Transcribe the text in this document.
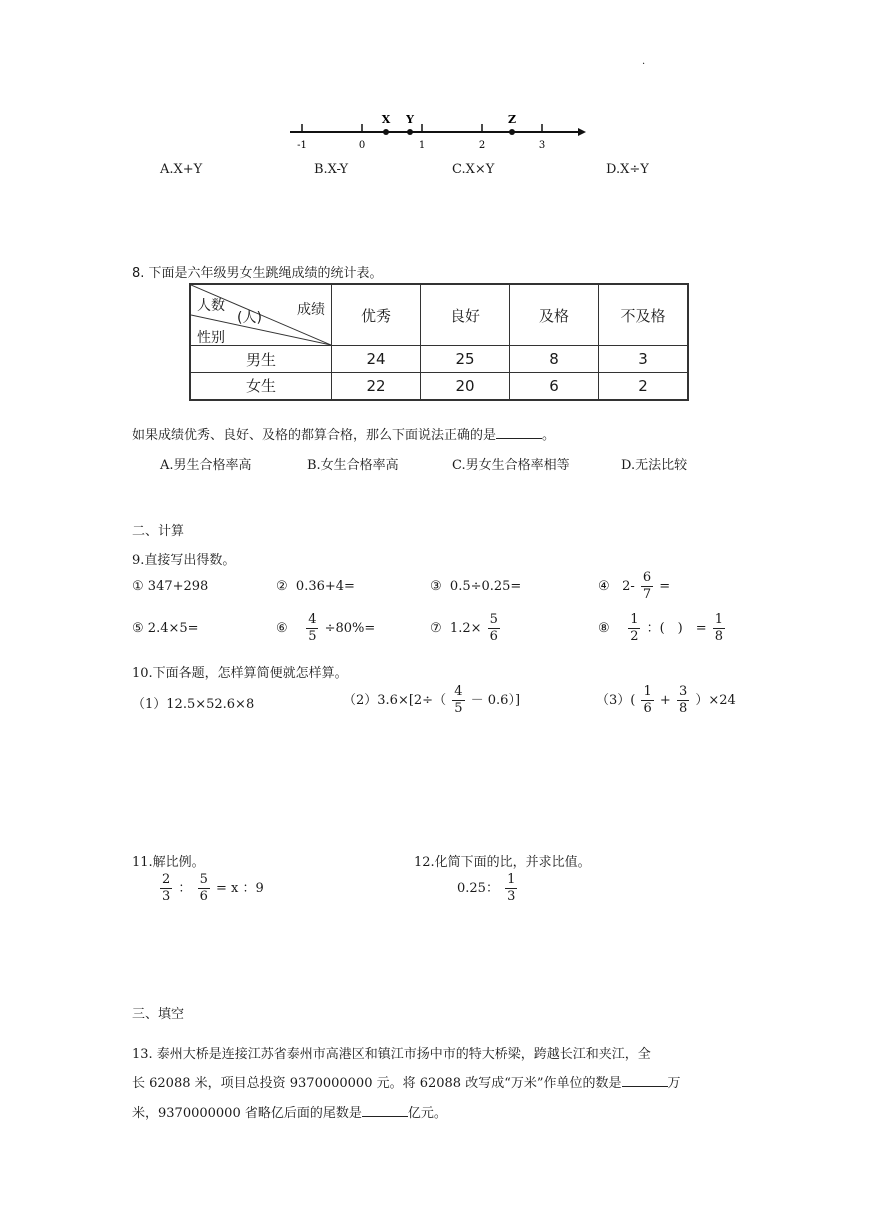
.
-1	0	1	2	3
X Y	Z
A.X+Y	B.X-Y	C.X×Y	D.X÷Y
8. 下面是六年级男女生跳绳成绩的统计表。
人数 成绩
(人)
性别	优秀	良好	及格	不及格
男生	24	25	8	3
女生	22	20	6	2
如果成绩优秀、良好、及格的都算合格，那么下面说法正确的是	。
A.男生合格率高	B.女生合格率高	C.男女生合格率相等	D.无法比较
二、计算
9.直接写出得数。
① 347+298	② 0.36+4=	③ 0.5÷0.25=	④ $2- \frac{6}{7}$ =
⑤ 2.4×5=	⑥ $\frac{4}{5} \div 80\%=$	⑦ $1.2\times \frac{5}{6}$	⑧ $\frac{1}{2}$ ：(　)　= $\frac{1}{8}$
10.下面各题，怎样算简便就怎样算。
（1）12.5×52.6×8	$(2)3.6\times[2\div( \frac{4}{5} - 0.6)]$	$(3)( \frac{1}{6} + \frac{3}{8} )\times 24$
11.解比例。
$\frac{2}{3}$ ： $\frac{5}{6} = x$ ：9
12.化简下面的比，并求比值。
0.25： $\frac{1}{3}$
三、填空
13. 泰州大桥是连接江苏省泰州市高港区和镇江市扬中市的特大桥梁，跨越长江和夹江，全
长 62088 米，项目总投资 9370000000 元。将 62088 改写成“万米”作单位的数是	万
米，9370000000 省略亿后面的尾数是	亿元。
